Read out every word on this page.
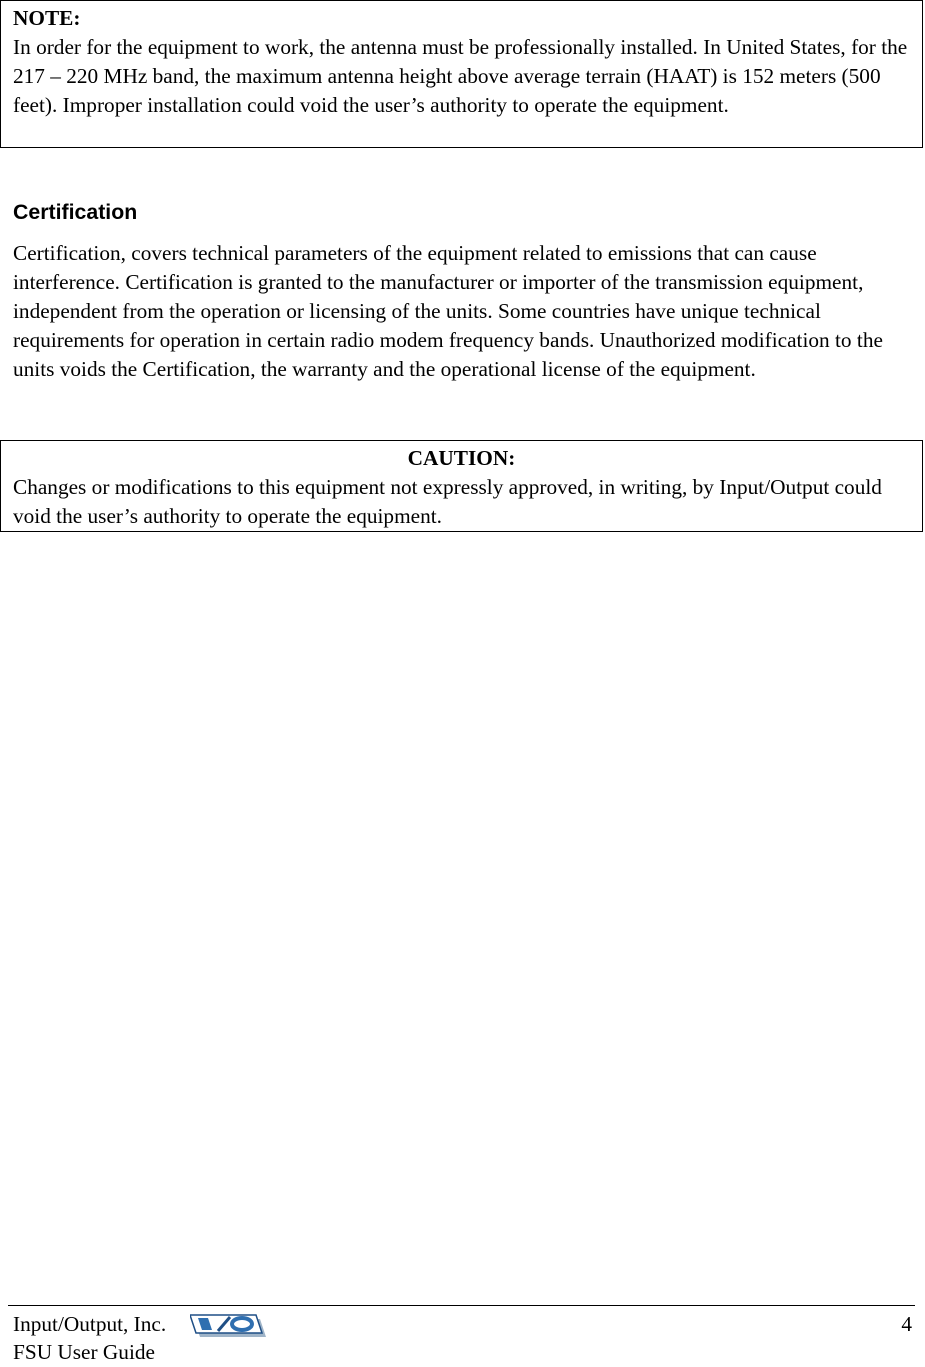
NOTE:
In order for the equipment to work, the antenna must be professionally installed. In United States, for the 217 – 220 MHz band, the maximum antenna height above average terrain (HAAT) is 152 meters (500 feet). Improper installation could void the user’s authority to operate the equipment.
Certification

Certification, covers technical parameters of the equipment related to emissions that can cause interference. Certification is granted to the manufacturer or importer of the transmission equipment, independent from the operation or licensing of the units. Some countries have unique technical requirements for operation in certain radio modem frequency bands. Unauthorized modification to the units voids the Certification, the warranty and the operational license of the equipment.

CAUTION:
Changes or modifications to this equipment not expressly approved, in writing, by Input/Output could void the user’s authority to operate the equipment.
Input/Output, Inc.	4
FSU User Guide
